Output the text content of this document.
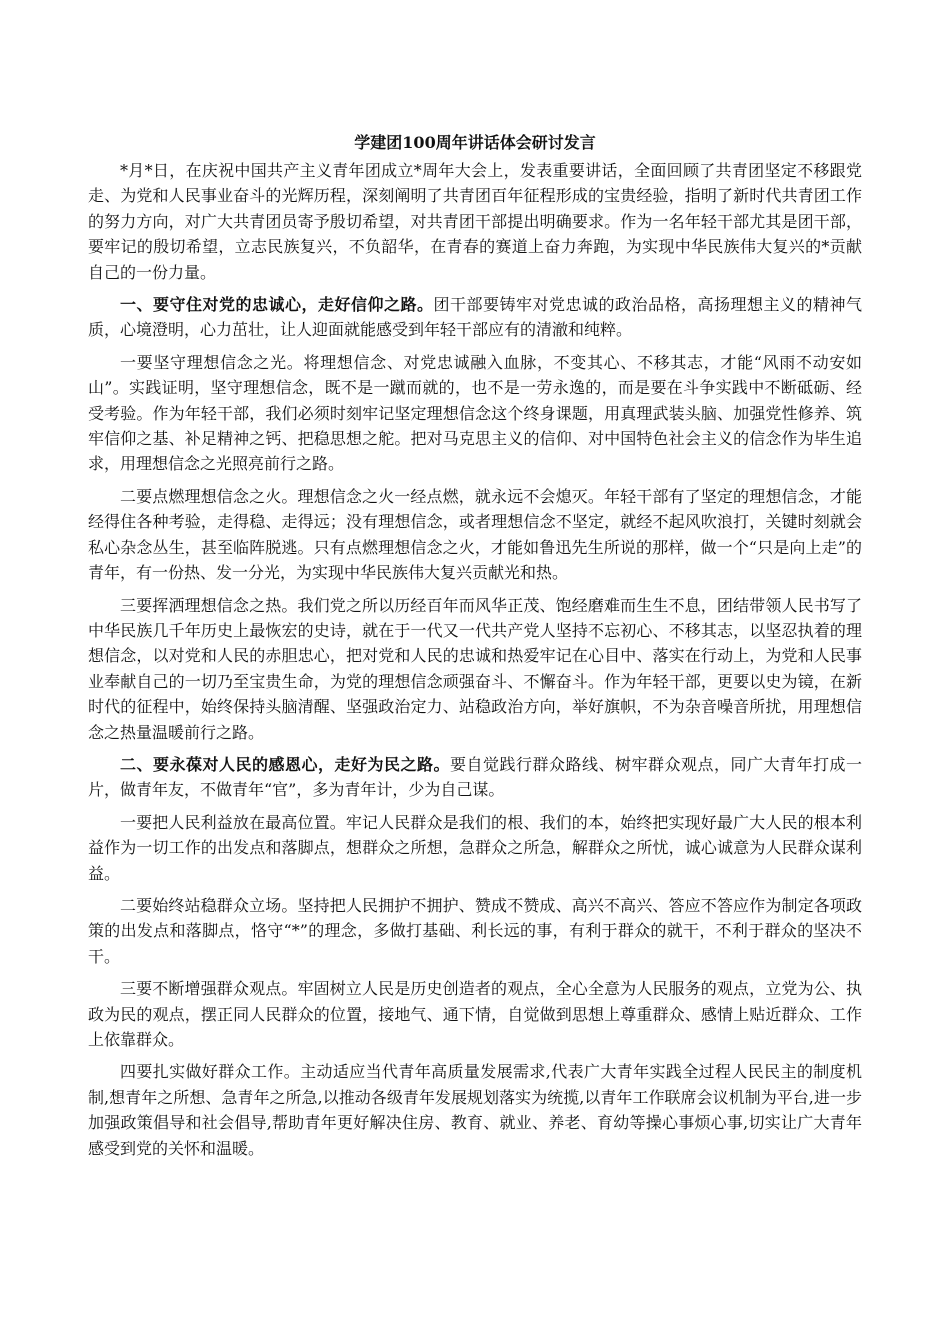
学建团100周年讲话体会研讨发言

*月*日，在庆祝中国共产主义青年团成立*周年大会上，发表重要讲话，全面回顾了共青团坚定不移跟党走、为党和人民事业奋斗的光辉历程，深刻阐明了共青团百年征程形成的宝贵经验，指明了新时代共青团工作的努力方向，对广大共青团员寄予殷切希望，对共青团干部提出明确要求。作为一名年轻干部尤其是团干部，要牢记的殷切希望，立志民族复兴，不负韶华，在青春的赛道上奋力奔跑，为实现中华民族伟大复兴的*贡献自己的一份力量。

一、要守住对党的忠诚心，走好信仰之路。团干部要铸牢对党忠诚的政治品格，高扬理想主义的精神气质，心境澄明，心力茁壮，让人迎面就能感受到年轻干部应有的清澈和纯粹。

一要坚守理想信念之光。将理想信念、对党忠诚融入血脉，不变其心、不移其志，才能“风雨不动安如山”。实践证明，坚守理想信念，既不是一蹴而就的，也不是一劳永逸的，而是要在斗争实践中不断砥砺、经受考验。作为年轻干部，我们必须时刻牢记坚定理想信念这个终身课题，用真理武装头脑、加强党性修养、筑牢信仰之基、补足精神之钙、把稳思想之舵。把对马克思主义的信仰、对中国特色社会主义的信念作为毕生追求，用理想信念之光照亮前行之路。

二要点燃理想信念之火。理想信念之火一经点燃，就永远不会熄灭。年轻干部有了坚定的理想信念，才能经得住各种考验，走得稳、走得远；没有理想信念，或者理想信念不坚定，就经不起风吹浪打，关键时刻就会私心杂念丛生，甚至临阵脱逃。只有点燃理想信念之火，才能如鲁迅先生所说的那样，做一个“只是向上走”的青年，有一份热、发一分光，为实现中华民族伟大复兴贡献光和热。

三要挥洒理想信念之热。我们党之所以历经百年而风华正茂、饱经磨难而生生不息，团结带领人民书写了中华民族几千年历史上最恢宏的史诗，就在于一代又一代共产党人坚持不忘初心、不移其志，以坚忍执着的理想信念，以对党和人民的赤胆忠心，把对党和人民的忠诚和热爱牢记在心目中、落实在行动上，为党和人民事业奉献自己的一切乃至宝贵生命，为党的理想信念顽强奋斗、不懈奋斗。作为年轻干部，更要以史为镜，在新时代的征程中，始终保持头脑清醒、坚强政治定力、站稳政治方向，举好旗帜，不为杂音噪音所扰，用理想信念之热量温暖前行之路。

二、要永葆对人民的感恩心，走好为民之路。要自觉践行群众路线、树牢群众观点，同广大青年打成一片，做青年友，不做青年“官”，多为青年计，少为自己谋。

一要把人民利益放在最高位置。牢记人民群众是我们的根、我们的本，始终把实现好最广大人民的根本利益作为一切工作的出发点和落脚点，想群众之所想，急群众之所急，解群众之所忧，诚心诚意为人民群众谋利益。

二要始终站稳群众立场。坚持把人民拥护不拥护、赞成不赞成、高兴不高兴、答应不答应作为制定各项政策的出发点和落脚点，恪守“*”的理念，多做打基础、利长远的事，有利于群众的就干，不利于群众的坚决不干。

三要不断增强群众观点。牢固树立人民是历史创造者的观点，全心全意为人民服务的观点，立党为公、执政为民的观点，摆正同人民群众的位置，接地气、通下情，自觉做到思想上尊重群众、感情上贴近群众、工作上依靠群众。

四要扎实做好群众工作。主动适应当代青年高质量发展需求,代表广大青年实践全过程人民民主的制度机制,想青年之所想、急青年之所急,以推动各级青年发展规划落实为统揽,以青年工作联席会议机制为平台,进一步加强政策倡导和社会倡导,帮助青年更好解决住房、教育、就业、养老、育幼等操心事烦心事,切实让广大青年感受到党的关怀和温暖。
